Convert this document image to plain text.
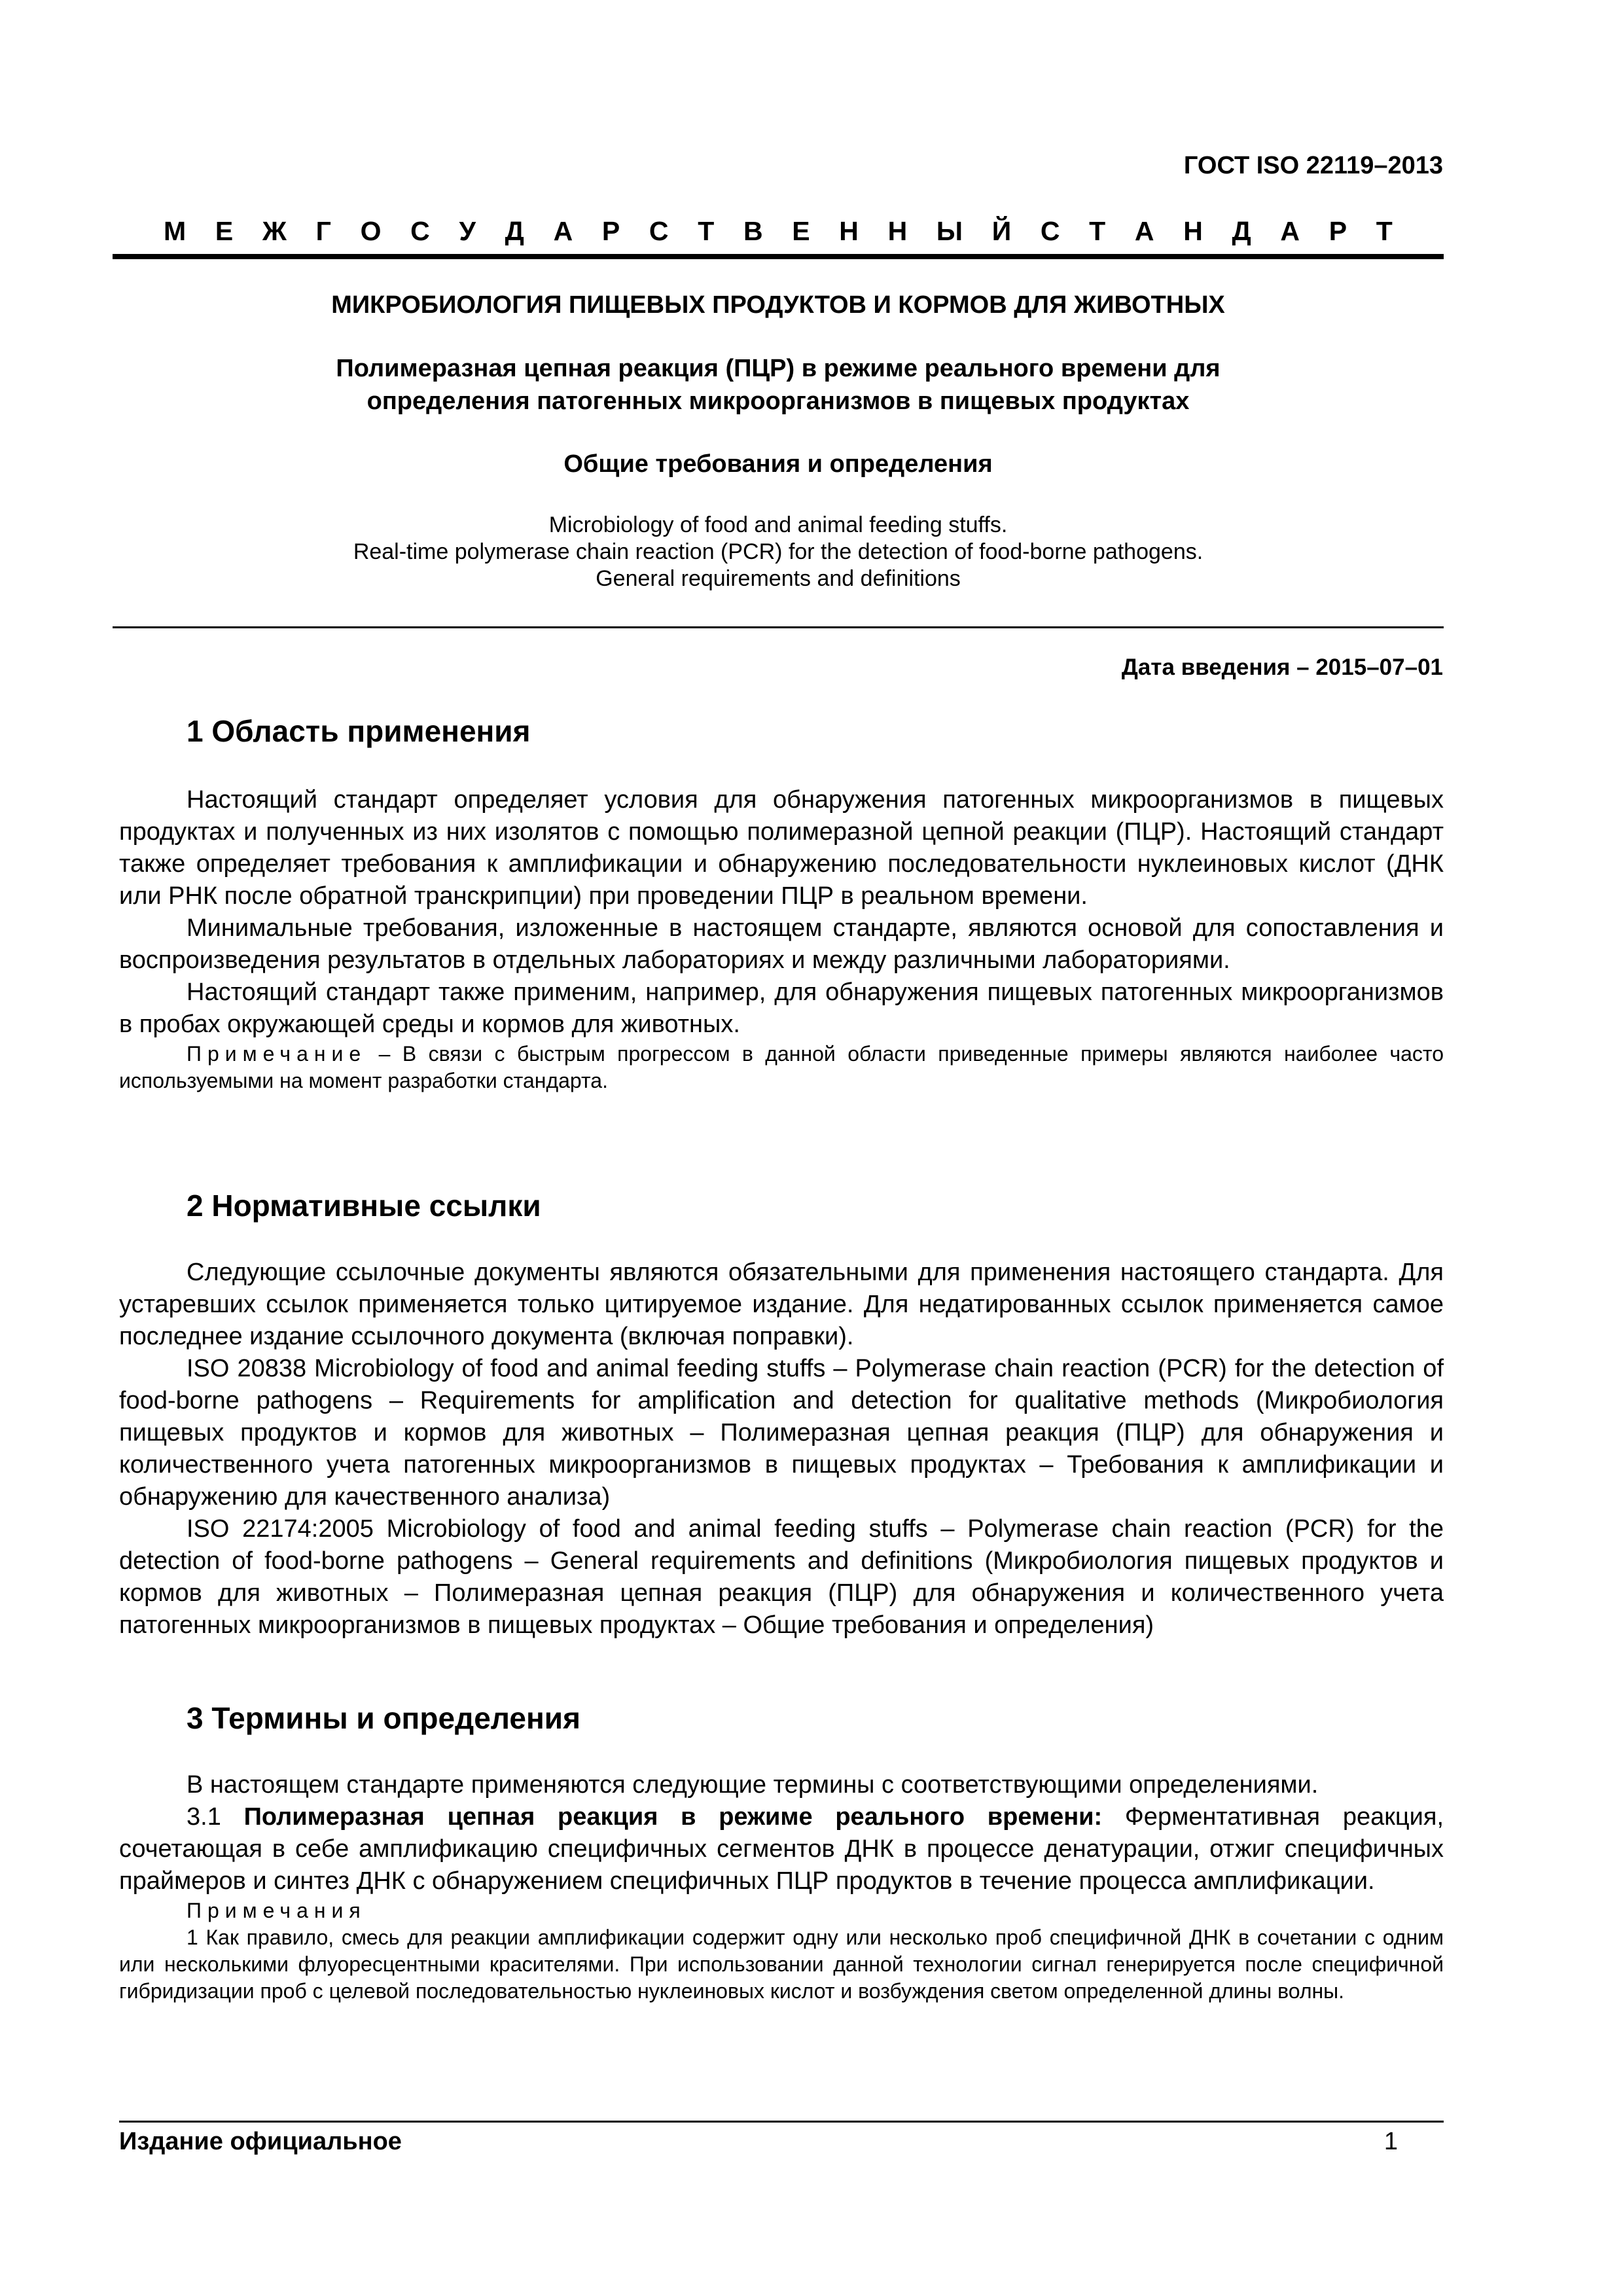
ГОСТ ISO 22119–2013
М Е Ж Г О С У Д А Р С Т В Е Н Н Ы Й С Т А Н Д А Р Т
МИКРОБИОЛОГИЯ ПИЩЕВЫХ ПРОДУКТОВ И КОРМОВ ДЛЯ ЖИВОТНЫХ
Полимеразная цепная реакция (ПЦР) в режиме реального времени для
определения патогенных микроорганизмов в пищевых продуктах
Общие требования и определения
Microbiology of food and animal feeding stuffs.
Real-time polymerase chain reaction (PCR) for the detection of food-borne pathogens.
General requirements and definitions
Дата введения – 2015–07–01
1 Область применения

Настоящий стандарт определяет условия для обнаружения патогенных микроорганизмов в пищевых продуктах и полученных из них изолятов с помощью полимеразной цепной реакции (ПЦР). Настоящий стандарт также определяет требования к амплификации и обнаружению последовательности нуклеиновых кислот (ДНК или РНК после обратной транскрипции) при проведении ПЦР в реальном времени.

Минимальные требования, изложенные в настоящем стандарте, являются основой для сопоставления и воспроизведения результатов в отдельных лабораториях и между различными лабораториями.

Настоящий стандарт также применим, например, для обнаружения пищевых патогенных микроорганизмов в пробах окружающей среды и кормов для животных.

Примечание – В связи с быстрым прогрессом в данной области приведенные примеры являются наиболее часто используемыми на момент разработки стандарта.

2 Нормативные ссылки

Следующие ссылочные документы являются обязательными для применения настоящего стандарта. Для устаревших ссылок применяется только цитируемое издание. Для недатированных ссылок применяется самое последнее издание ссылочного документа (включая поправки).

ISO 20838 Microbiology of food and animal feeding stuffs – Polymerase chain reaction (PCR) for the detection of food-borne pathogens – Requirements for amplification and detection for qualitative methods (Микробиология пищевых продуктов и кормов для животных – Полимеразная цепная реакция (ПЦР) для обнаружения и количественного учета патогенных микроорганизмов в пищевых продуктах – Требования к амплификации и обнаружению для качественного анализа)

ISO 22174:2005 Microbiology of food and animal feeding stuffs – Polymerase chain reaction (PCR) for the detection of food-borne pathogens – General requirements and definitions (Микробиология пищевых продуктов и кормов для животных – Полимеразная цепная реакция (ПЦР) для обнаружения и количественного учета патогенных микроорганизмов в пищевых продуктах – Общие требования и определения)

3 Термины и определения

В настоящем стандарте применяются следующие термины с соответствующими определениями.

3.1 Полимеразная цепная реакция в режиме реального времени: Ферментативная реакция, сочетающая в себе амплификацию специфичных сегментов ДНК в процессе денатурации, отжиг специфичных праймеров и синтез ДНК с обнаружением специфичных ПЦР продуктов в течение процесса амплификации.

Примечания

1 Как правило, смесь для реакции амплификации содержит одну или несколько проб специфичной ДНК в сочетании с одним или несколькими флуоресцентными красителями. При использовании данной технологии сигнал генерируется после специфичной гибридизации проб с целевой последовательностью нуклеиновых кислот и возбуждения светом определенной длины волны.

Издание официальное	1
